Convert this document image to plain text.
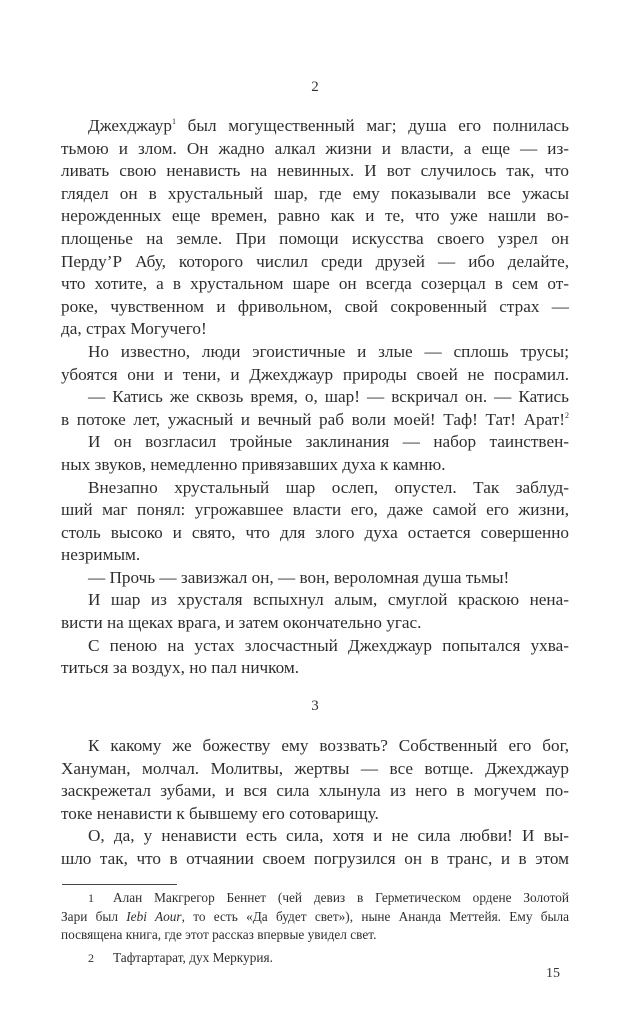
2
Джехджаур$^1$ был могущественный маг; душа его полнилась
тьмою и злом. Он жадно алкал жизни и власти, а еще — из-
ливать свою ненависть на невинных. И вот случилось так, что
глядел он в хрустальный шар, где ему показывали все ужасы
нерожденных еще времен, равно как и те, что уже нашли во-
площенье на земле. При помощи искусства своего узрел он
Перду’Р Абу, которого числил среди друзей — ибо делайте,
что хотите, а в хрустальном шаре он всегда созерцал в сем от-
роке, чувственном и фривольном, свой сокровенный страх —
да, страх Могучего!
Но известно, люди эгоистичные и злые — сплошь трусы;
убоятся они и тени, и Джехджаур природы своей не посрамил.
— Катись же сквозь время, о, шар! — вскричал он. — Катись
в потоке лет, ужасный и вечный раб воли моей! Таф! Тат! Арат!$^2$
И он возгласил тройные заклинания — набор таинствен-
ных звуков, немедленно привязавших духа к камню.
Внезапно хрустальный шар ослеп, опустел. Так заблуд-
ший маг понял: угрожавшее власти его, даже самой его жизни,
столь высоко и свято, что для злого духа остается совершенно
незримым.
— Прочь — завизжал он, — вон, вероломная душа тьмы!
И шар из хрусталя вспыхнул алым, смуглой краскою нена-
висти на щеках врага, и затем окончательно угас.
С пеною на устах злосчастный Джехджаур попытался ухва-
титься за воздух, но пал ничком.
3
К какому же божеству ему воззвать? Собственный его бог,
Хануман, молчал. Молитвы, жертвы — все вотще. Джехджаур
заскрежетал зубами, и вся сила хлынула из него в могучем по-
токе ненависти к бывшему его сотоварищу.
О, да, у ненависти есть сила, хотя и не сила любви! И вы-
шло так, что в отчаянии своем погрузился он в транс, и в этом
1 Алан Макгрегор Беннет (чей девиз в Герметическом ордене Золотой
Зари был Iebi Aour, то есть «Да будет свет»), ныне Ананда Меттейя. Ему была
посвящена книга, где этот рассказ впервые увидел свет.
2 Тафтартарат, дух Меркурия.
15
